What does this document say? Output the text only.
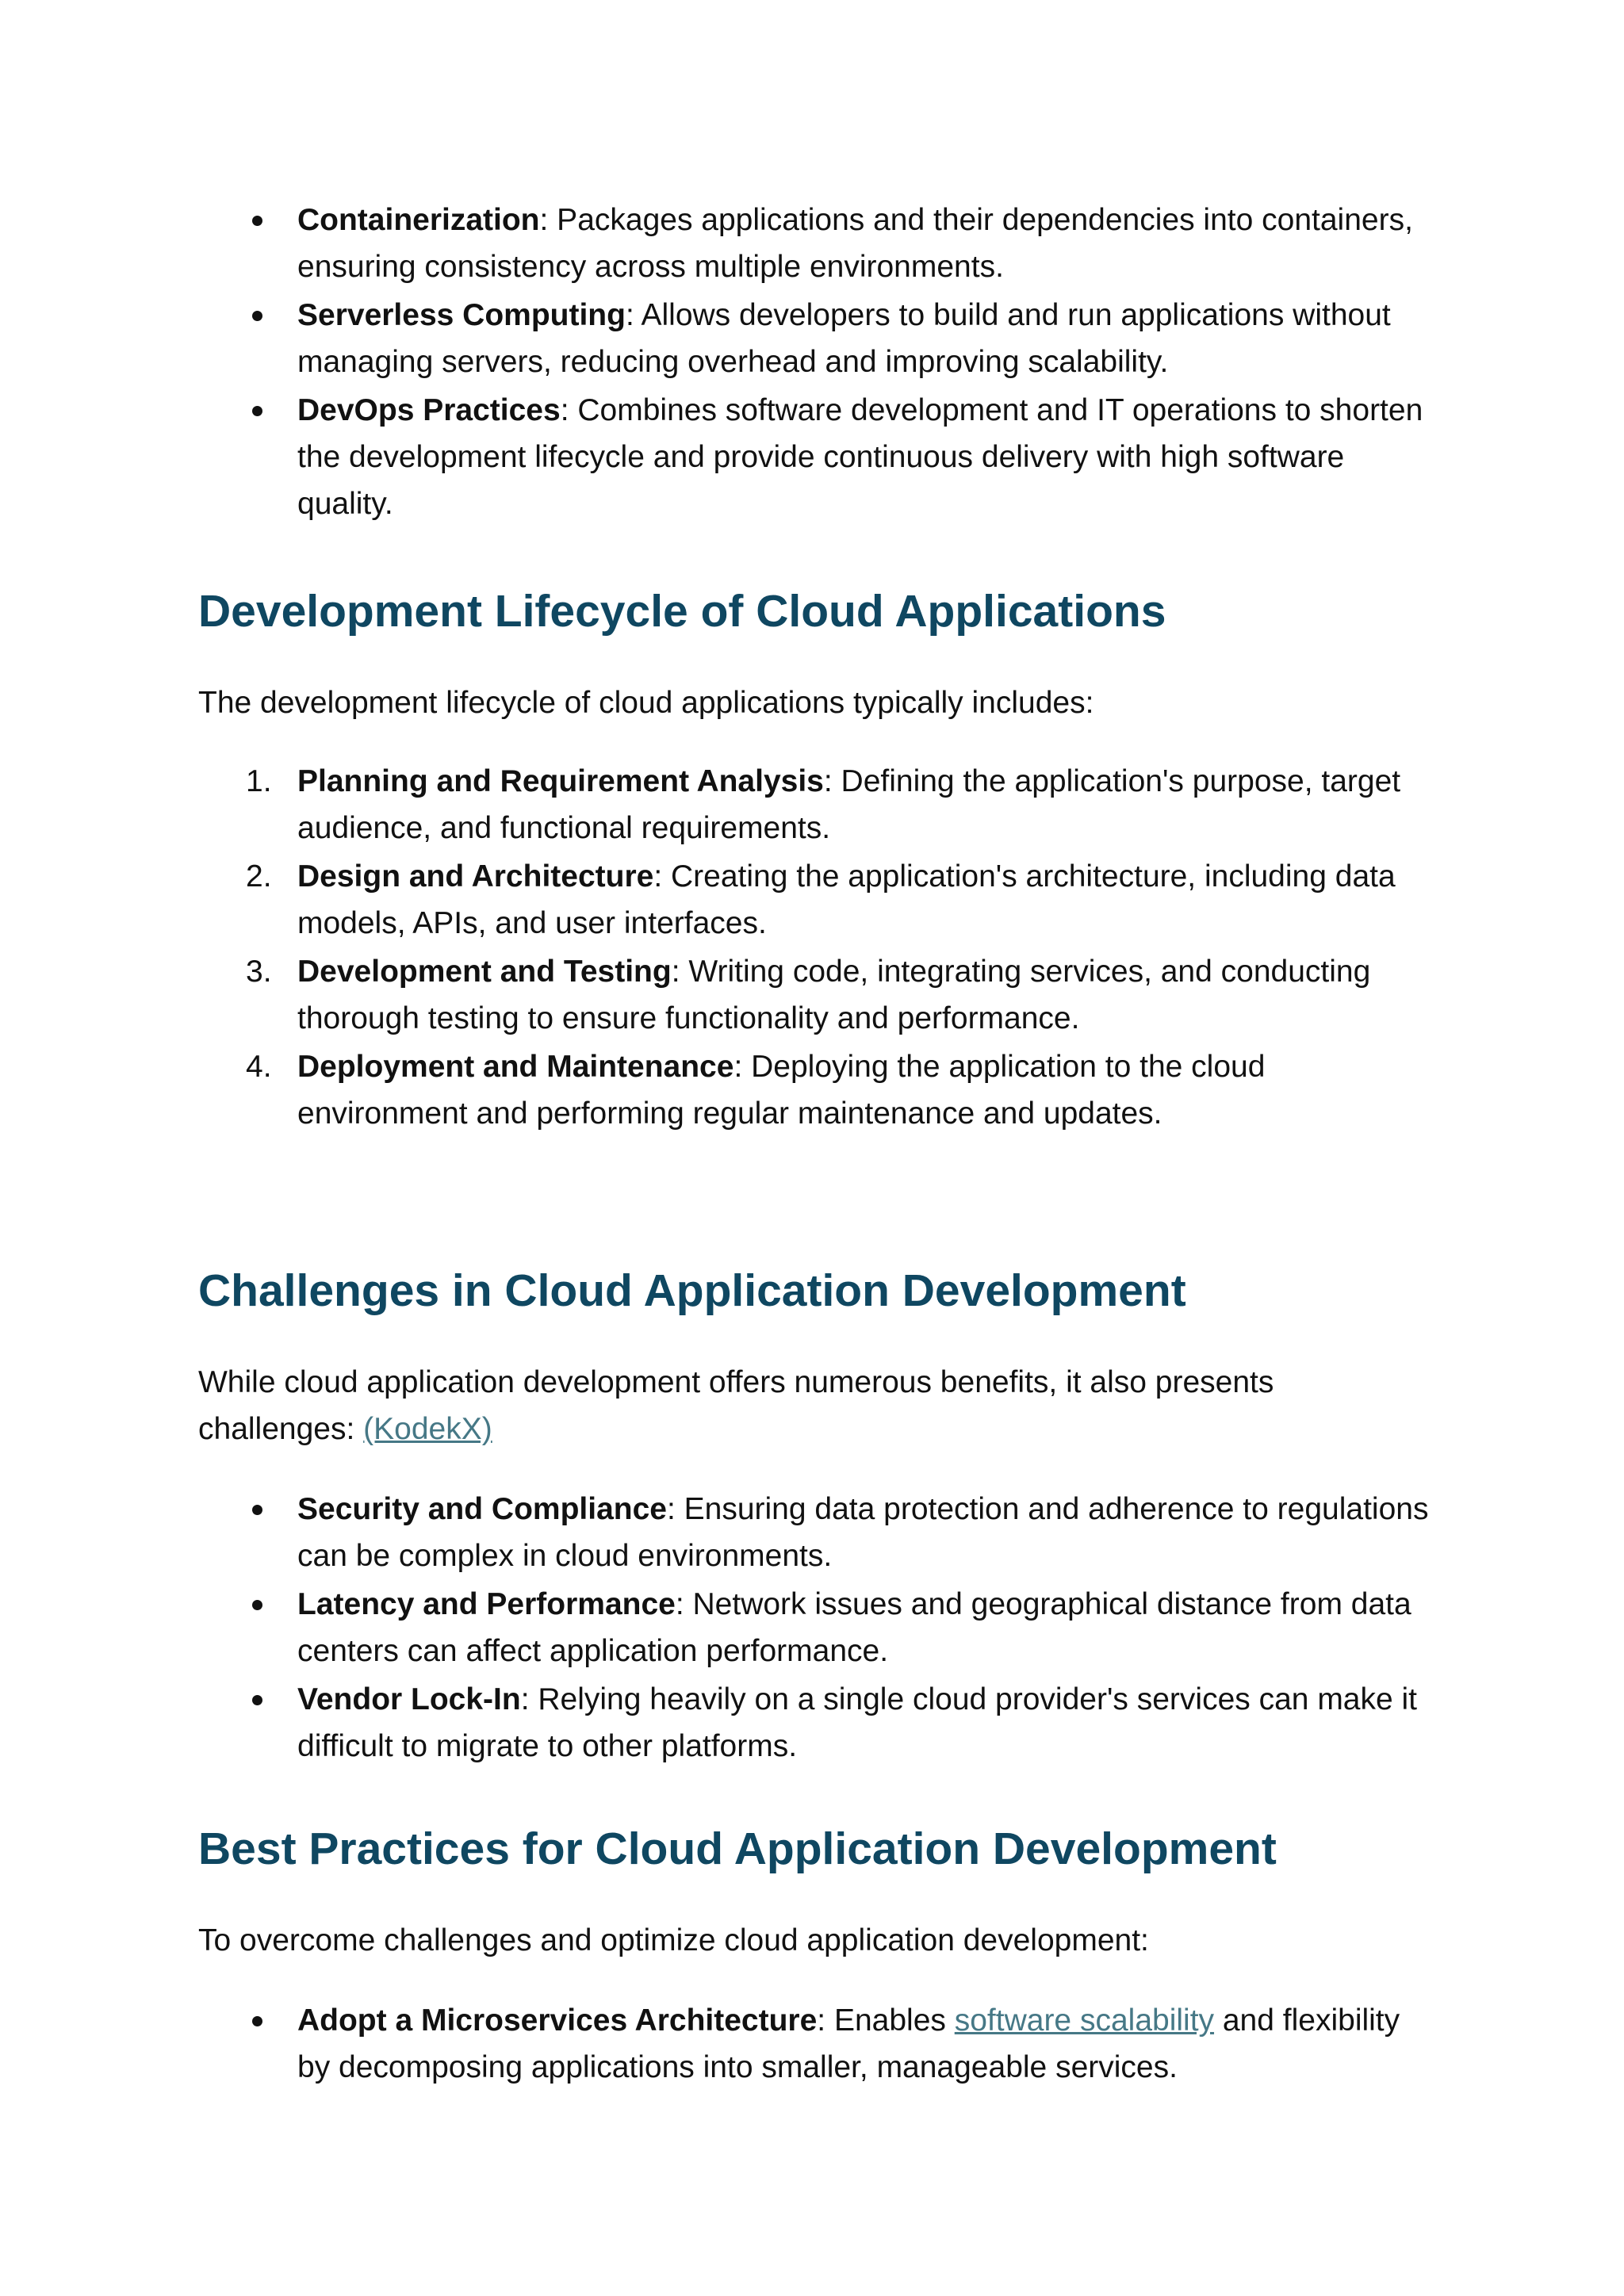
Containerization: Packages applications and their dependencies into containers, ensuring consistency across multiple environments.
Serverless Computing: Allows developers to build and run applications without managing servers, reducing overhead and improving scalability.
DevOps Practices: Combines software development and IT operations to shorten the development lifecycle and provide continuous delivery with high software quality.
Development Lifecycle of Cloud Applications

The development lifecycle of cloud applications typically includes:

1. Planning and Requirement Analysis: Defining the application's purpose, target audience, and functional requirements.
2. Design and Architecture: Creating the application's architecture, including data models, APIs, and user interfaces.
3. Development and Testing: Writing code, integrating services, and conducting thorough testing to ensure functionality and performance.
4. Deployment and Maintenance: Deploying the application to the cloud environment and performing regular maintenance and updates.
Challenges in Cloud Application Development

While cloud application development offers numerous benefits, it also presents challenges: (KodekX)

Security and Compliance: Ensuring data protection and adherence to regulations can be complex in cloud environments.
Latency and Performance: Network issues and geographical distance from data centers can affect application performance.
Vendor Lock-In: Relying heavily on a single cloud provider's services can make it difficult to migrate to other platforms.
Best Practices for Cloud Application Development

To overcome challenges and optimize cloud application development:

Adopt a Microservices Architecture: Enables software scalability and flexibility by decomposing applications into smaller, manageable services.
